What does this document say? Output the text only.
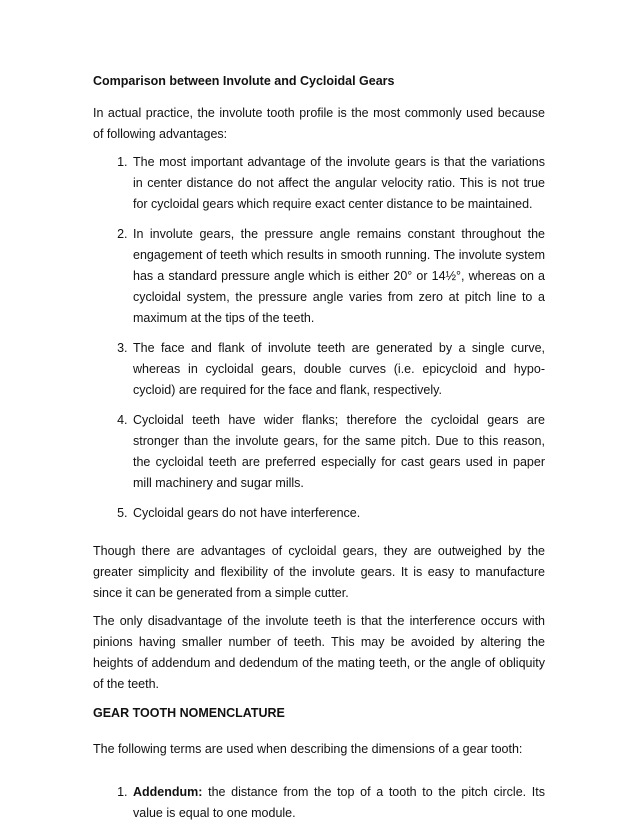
Comparison between Involute and Cycloidal Gears

In actual practice, the involute tooth profile is the most commonly used because of following advantages:

1. The most important advantage of the involute gears is that the variations in center distance do not affect the angular velocity ratio. This is not true for cycloidal gears which require exact center distance to be maintained.
2. In involute gears, the pressure angle remains constant throughout the engagement of teeth which results in smooth running. The involute system has a standard pressure angle which is either 20° or 14½°, whereas on a cycloidal system, the pressure angle varies from zero at pitch line to a maximum at the tips of the teeth.
3. The face and flank of involute teeth are generated by a single curve, whereas in cycloidal gears, double curves (i.e. epicycloid and hypo-cycloid) are required for the face and flank, respectively.
4. Cycloidal teeth have wider flanks; therefore the cycloidal gears are stronger than the involute gears, for the same pitch. Due to this reason, the cycloidal teeth are preferred especially for cast gears used in paper mill machinery and sugar mills.
5. Cycloidal gears do not have interference.

Though there are advantages of cycloidal gears, they are outweighed by the greater simplicity and flexibility of the involute gears. It is easy to manufacture since it can be generated from a simple cutter.

The only disadvantage of the involute teeth is that the interference occurs with pinions having smaller number of teeth. This may be avoided by altering the heights of addendum and dedendum of the mating teeth, or the angle of obliquity of the teeth.

GEAR TOOTH NOMENCLATURE

The following terms are used when describing the dimensions of a gear tooth:

1. Addendum: the distance from the top of a tooth to the pitch circle. Its value is equal to one module.
